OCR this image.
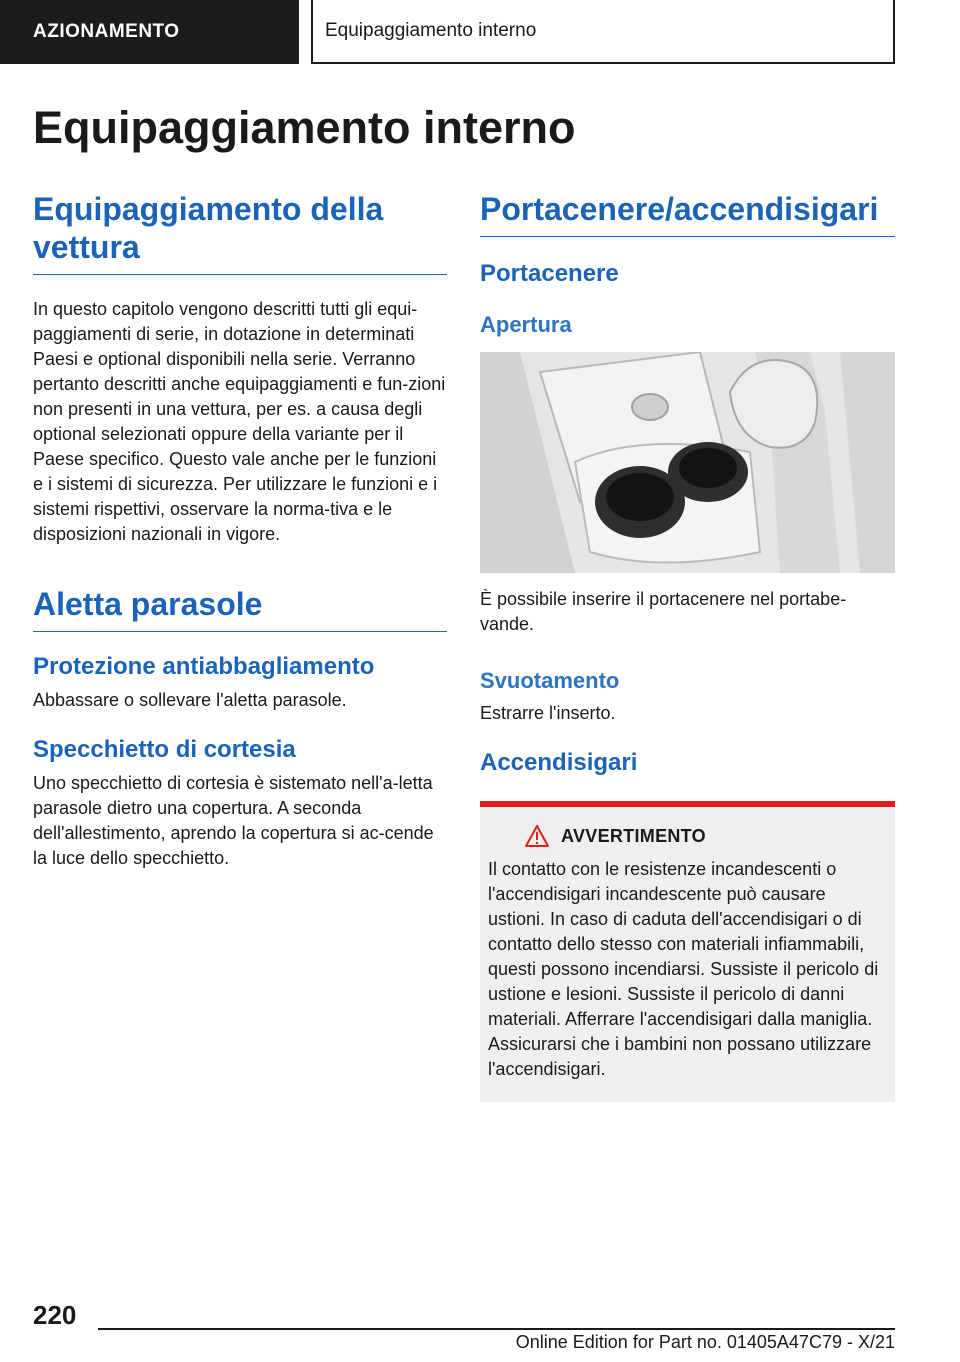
AZIONAMENTO	Equipaggiamento interno
Equipaggiamento interno
Equipaggiamento della vettura

In questo capitolo vengono descritti tutti gli equi-paggiamenti di serie, in dotazione in determinati Paesi e optional disponibili nella serie. Verranno pertanto descritti anche equipaggiamenti e fun-zioni non presenti in una vettura, per es. a causa degli optional selezionati oppure della variante per il Paese specifico. Questo vale anche per le funzioni e i sistemi di sicurezza. Per utilizzare le funzioni e i sistemi rispettivi, osservare la norma-tiva e le disposizioni nazionali in vigore.

Aletta parasole
Protezione antiabbagliamento

Abbassare o sollevare l'aletta parasole.

Specchietto di cortesia

Uno specchietto di cortesia è sistemato nell'a-letta parasole dietro una copertura. A seconda dell'allestimento, aprendo la copertura si ac-cende la luce dello specchietto.

Portacenere/accendisigari
Portacenere
Apertura

È possibile inserire il portacenere nel portabe-vande.

Svuotamento

Estrarre l'inserto.

Accendisigari
AVVERTIMENTO

Il contatto con le resistenze incandescenti o l'accendisigari incandescente può causare ustioni. In caso di caduta dell'accendisigari o di contatto dello stesso con materiali infiammabili, questi possono incendiarsi. Sussiste il pericolo di ustione e lesioni. Sussiste il pericolo di danni materiali. Afferrare l'accendisigari dalla maniglia. Assicurarsi che i bambini non possano utilizzare l'accendisigari.

220
Online Edition for Part no. 01405A47C79 - X/21
